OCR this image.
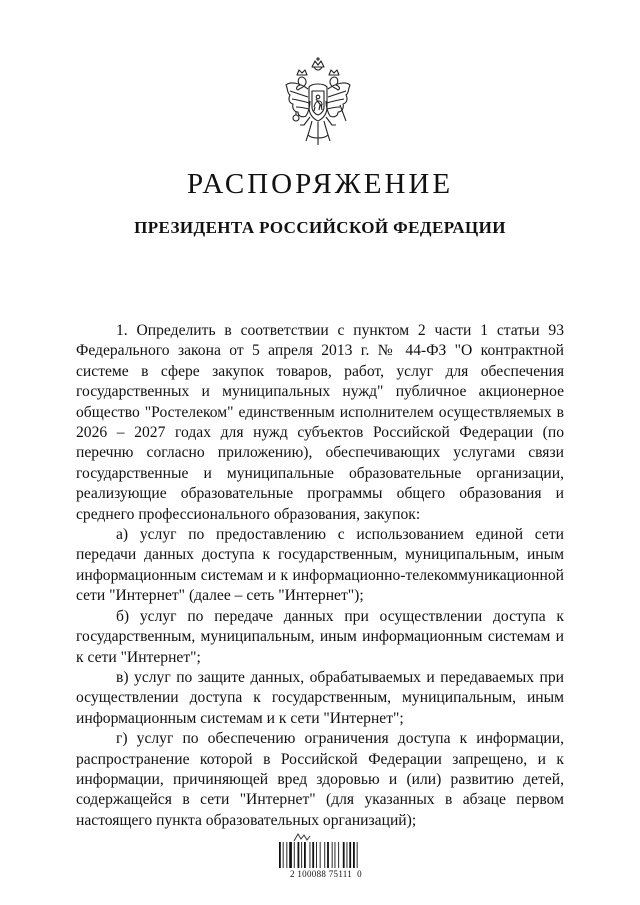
РАСПОРЯЖЕНИЕ
ПРЕЗИДЕНТА РОССИЙСКОЙ ФЕДЕРАЦИИ

1. Определить в соответствии с пунктом 2 части 1 статьи 93 Федерального закона от 5 апреля 2013 г. № 44-ФЗ "О контрактной системе в сфере закупок товаров, работ, услуг для обеспечения государственных и муниципальных нужд" публичное акционерное общество "Ростелеком" единственным исполнителем осуществляемых в 2026 – 2027 годах для нужд субъектов Российской Федерации (по перечню согласно приложению), обеспечивающих услугами связи государственные и муниципальные образовательные организации, реализующие образовательные программы общего образования и среднего профессионального образования, закупок:

а) услуг по предоставлению с использованием единой сети передачи данных доступа к государственным, муниципальным, иным информационным системам и к информационно-телекоммуникационной сети "Интернет" (далее – сеть "Интернет");

б) услуг по передаче данных при осуществлении доступа к государственным, муниципальным, иным информационным системам и к сети "Интернет";

в) услуг по защите данных, обрабатываемых и передаваемых при осуществлении доступа к государственным, муниципальным, иным информационным системам и к сети "Интернет";

г) услуг по обеспечению ограничения доступа к информации, распространение которой в Российской Федерации запрещено, и к информации, причиняющей вред здоровью и (или) развитию детей, содержащейся в сети "Интернет" (для указанных в абзаце первом настоящего пункта образовательных организаций);

2 100088 75111  0
